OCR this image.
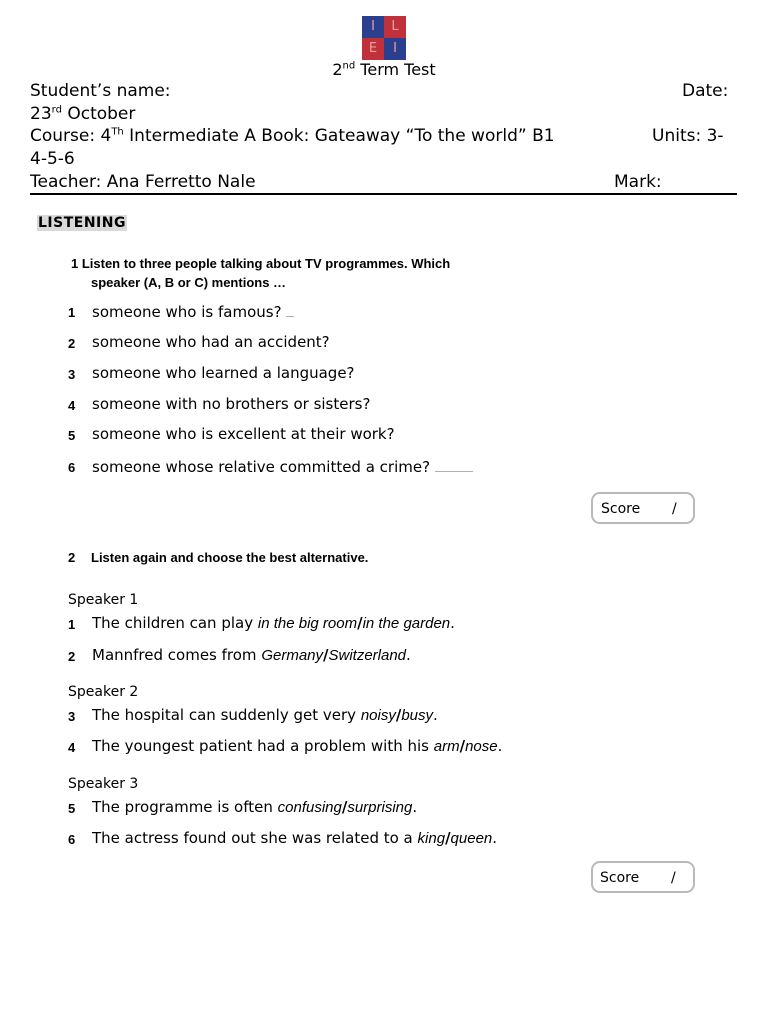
I	L
E	I
2nd Term Test
Student’s name:	Date:
23rd October
Course: 4Th Intermediate A Book: Gateaway “To the world” B1	Units: 3-
4-5-6
Teacher: Ana Ferretto Nale	Mark:
LISTENING
1 Listen to three people talking about TV programmes. Which
speaker (A, B or C) mentions …
1 someone who is famous?
2 someone who had an accident?
3 someone who learned a language?
4 someone with no brothers or sisters?
5 someone who is excellent at their work?
6 someone whose relative committed a crime?
Score /
2 Listen again and choose the best alternative.
Speaker 1
1 The children can play in the big room/in the garden.
2 Mannfred comes from Germany/Switzerland.
Speaker 2
3 The hospital can suddenly get very noisy/busy.
4 The youngest patient had a problem with his arm/nose.
Speaker 3
5 The programme is often confusing/surprising.
6 The actress found out she was related to a king/queen.
Score /
